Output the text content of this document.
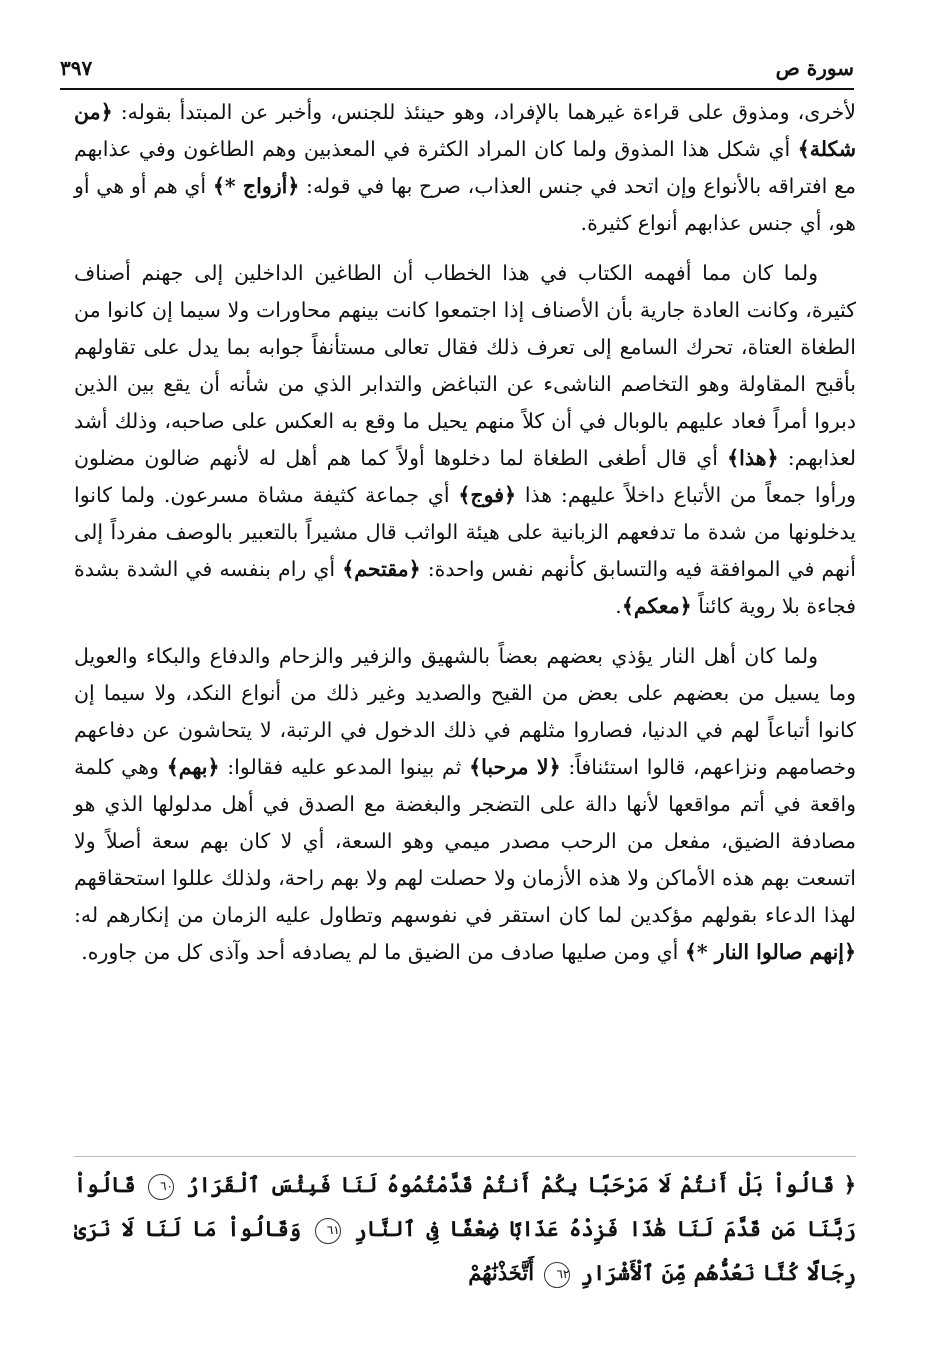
سورة ص
٣٩٧

لأخرى، ومذوق على قراءة غيرهما بالإفراد، وهو حينئذ للجنس، وأخبر عن المبتدأ بقوله: ﴿من شكلة﴾ أي شكل هذا المذوق ولما كان المراد الكثرة في المعذبين وهم الطاغون وفي عذابهم مع افتراقه بالأنواع وإن اتحد في جنس العذاب، صرح بها في قوله: ﴿أزواج *﴾ أي هم أو هي أو هو، أي جنس عذابهم أنواع كثيرة.

ولما كان مما أفهمه الكتاب في هذا الخطاب أن الطاغين الداخلين إلى جهنم أصناف كثيرة، وكانت العادة جارية بأن الأصناف إذا اجتمعوا كانت بينهم محاورات ولا سيما إن كانوا من الطغاة العتاة، تحرك السامع إلى تعرف ذلك فقال تعالى مستأنفاً جوابه بما يدل على تقاولهم بأقبح المقاولة وهو التخاصم الناشىء عن التباغض والتدابر الذي من شأنه أن يقع بين الذين دبروا أمراً فعاد عليهم بالوبال في أن كلاً منهم يحيل ما وقع به العكس على صاحبه، وذلك أشد لعذابهم: ﴿هذا﴾ أي قال أطغى الطغاة لما دخلوها أولاً كما هم أهل له لأنهم ضالون مضلون ورأوا جمعاً من الأتباع داخلاً عليهم: هذا ﴿فوج﴾ أي جماعة كثيفة مشاة مسرعون. ولما كانوا يدخلونها من شدة ما تدفعهم الزبانية على هيئة الواثب قال مشيراً بالتعبير بالوصف مفرداً إلى أنهم في الموافقة فيه والتسابق كأنهم نفس واحدة: ﴿مقتحم﴾ أي رام بنفسه في الشدة بشدة فجاءة بلا روية كائناً ﴿معكم﴾.

ولما كان أهل النار يؤذي بعضهم بعضاً بالشهيق والزفير والزحام والدفاع والبكاء والعويل وما يسيل من بعضهم على بعض من القيح والصديد وغير ذلك من أنواع النكد، ولا سيما إن كانوا أتباعاً لهم في الدنيا، فصاروا مثلهم في ذلك الدخول في الرتبة، لا يتحاشون عن دفاعهم وخصامهم ونزاعهم، قالوا استئنافاً: ﴿لا مرحبا﴾ ثم بينوا المدعو عليه فقالوا: ﴿بهم﴾ وهي كلمة واقعة في أتم مواقعها لأنها دالة على التضجر والبغضة مع الصدق في أهل مدلولها الذي هو مصادفة الضيق، مفعل من الرحب مصدر ميمي وهو السعة، أي لا كان بهم سعة أصلاً ولا اتسعت بهم هذه الأماكن ولا هذه الأزمان ولا حصلت لهم ولا بهم راحة، ولذلك عللوا استحقاقهم لهذا الدعاء بقولهم مؤكدين لما كان استقر في نفوسهم وتطاول عليه الزمان من إنكارهم له: ﴿إنهم صالوا النار *﴾ أي ومن صليها صادف من الضيق ما لم يصادفه أحد وآذى كل من جاوره.

﴿ قَالُواْ بَلْ أَنتُمْ لَا مَرْحَبًا بِكُمْ أَنتُمْ قَدَّمْتُمُوهُ لَنَا فَبِئْسَ ٱلْقَرَارُ ٦٠ قَالُواْ رَبَّنَا مَن قَدَّمَ لَنَا هَٰذَا فَزِدْهُ عَذَابًا ضِعْفًا فِى ٱلنَّارِ ٦١ وَقَالُواْ مَا لَنَا لَا نَرَىٰ رِجَالًا كُنَّا نَعُدُّهُم مِّنَ ٱلْأَشْرَارِ ٦٢ أَتَّخَذْنَٰهُمْ
